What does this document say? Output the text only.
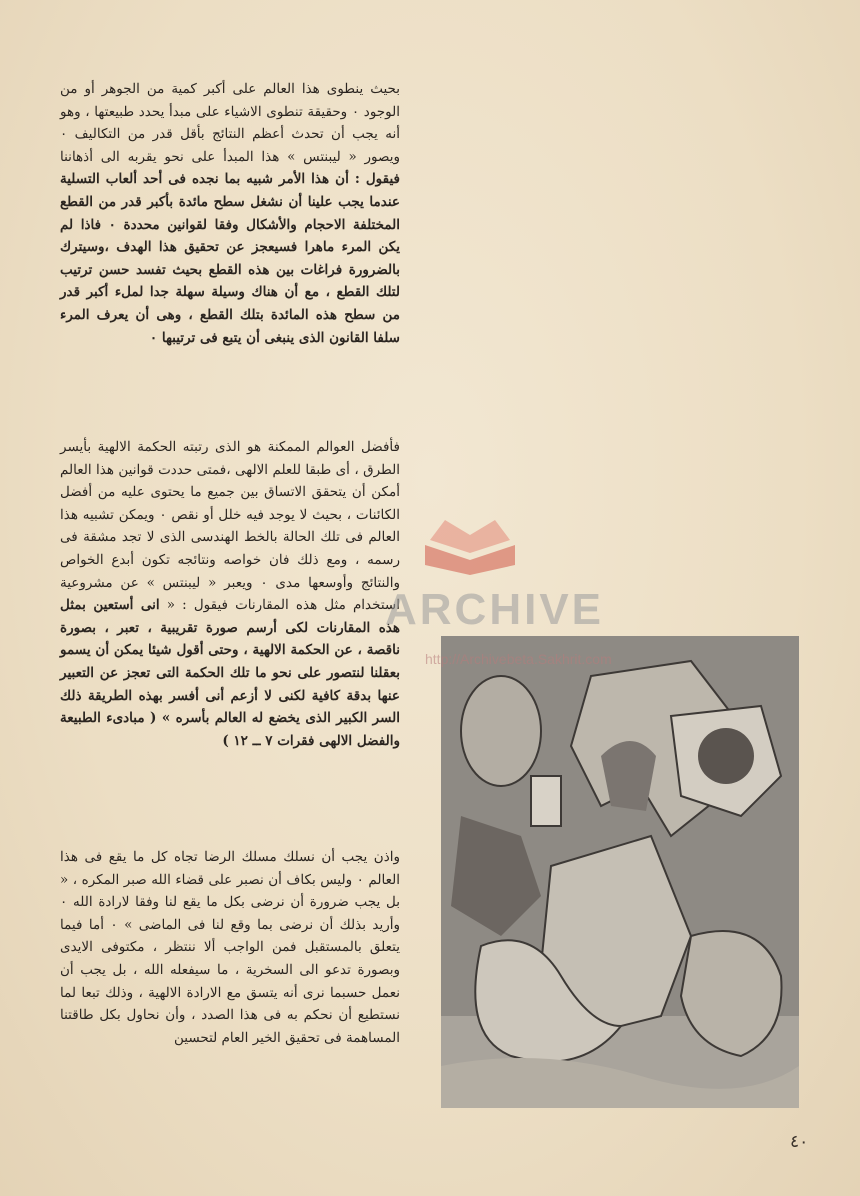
بحيث ينطوى هذا العالم على أكبر كمية من الجوهر أو من الوجود ٠ وحقيقة تنطوى الاشياء على مبدأ يحدد طبيعتها ، وهو أنه يجب أن تحدث أعظم النتائج بأقل قدر من التكاليف ٠ ويصور « ليبنتس » هذا المبدأ على نحو يقربه الى أذهاننا فيقول : أن هذا الأمر شبيه بما نجده فى أحد ألعاب التسلية عندما يجب علينا أن نشغل سطح مائدة بأكبر قدر من القطع المختلفة الاحجام والأشكال وفقا لقوانين محددة ٠ فاذا لم يكن المرء ماهرا فسيعجز عن تحقيق هذا الهدف ،وسيترك بالضرورة فراغات بين هذه القطع بحيث تفسد حسن ترتيب لتلك القطع ، مع أن هناك وسيلة سهلة جدا لملء أكبر قدر من سطح هذه المائدة بتلك القطع ، وهى أن يعرف المرء سلفا القانون الذى ينبغى أن يتبع فى ترتيبها ٠

فأفضل العوالم الممكنة هو الذى رتبته الحكمة الالهية بأيسر الطرق ، أى طبقا للعلم الالهى ،فمتى حددت قوانين هذا العالم أمكن أن يتحقق الاتساق بين جميع ما يحتوى عليه من أفضل الكائنات ، بحيث لا يوجد فيه خلل أو نقص ٠ ويمكن تشبيه هذا العالم فى تلك الحالة بالخط الهندسى الذى لا تجد مشقة فى رسمه ، ومع ذلك فان خواصه ونتائجه تكون أبدع الخواص والنتائج وأوسعها مدى ٠ ويعبر « ليبنتس » عن مشروعية استخدام مثل هذه المقارنات فيقول : « انى أستعين بمثل هذه المقارنات لكى أرسم صورة تقريبية ، تعبر ، بصورة ناقصة ، عن الحكمة الالهية ، وحتى أقول شيئا يمكن أن يسمو بعقلنا لنتصور على نحو ما تلك الحكمة التى تعجز عن التعبير عنها بدقة كافية لكنى لا أزعم أنى أفسر بهذه الطريقة ذلك السر الكبير الذى يخضع له العالم بأسره » ( مبادىء الطبيعة والفضل الالهى فقرات ٧ ــ ١٢ )

واذن يجب أن نسلك مسلك الرضا تجاه كل ما يقع فى هذا العالم ٠ وليس بكاف أن نصبر على قضاء الله صبر المكره ، « بل يجب ضرورة أن نرضى بكل ما يقع لنا وفقا لارادة الله ٠ وأريد بذلك أن نرضى بما وقع لنا فى الماضى » ٠ أما فيما يتعلق بالمستقبل فمن الواجب ألا ننتظر ، مكتوفى الايدى وبصورة تدعو الى السخرية ، ما سيفعله الله ، بل يجب أن نعمل حسبما نرى أنه يتسق مع الارادة الالهية ، وذلك تبعا لما نستطيع أن نحكم به فى هذا الصدد ، وأن نحاول بكل طاقتنا المساهمة فى تحقيق الخير العام لتحسين

ARCHIVE
http://Archivebeta.Sakhrit.com
٤٠
